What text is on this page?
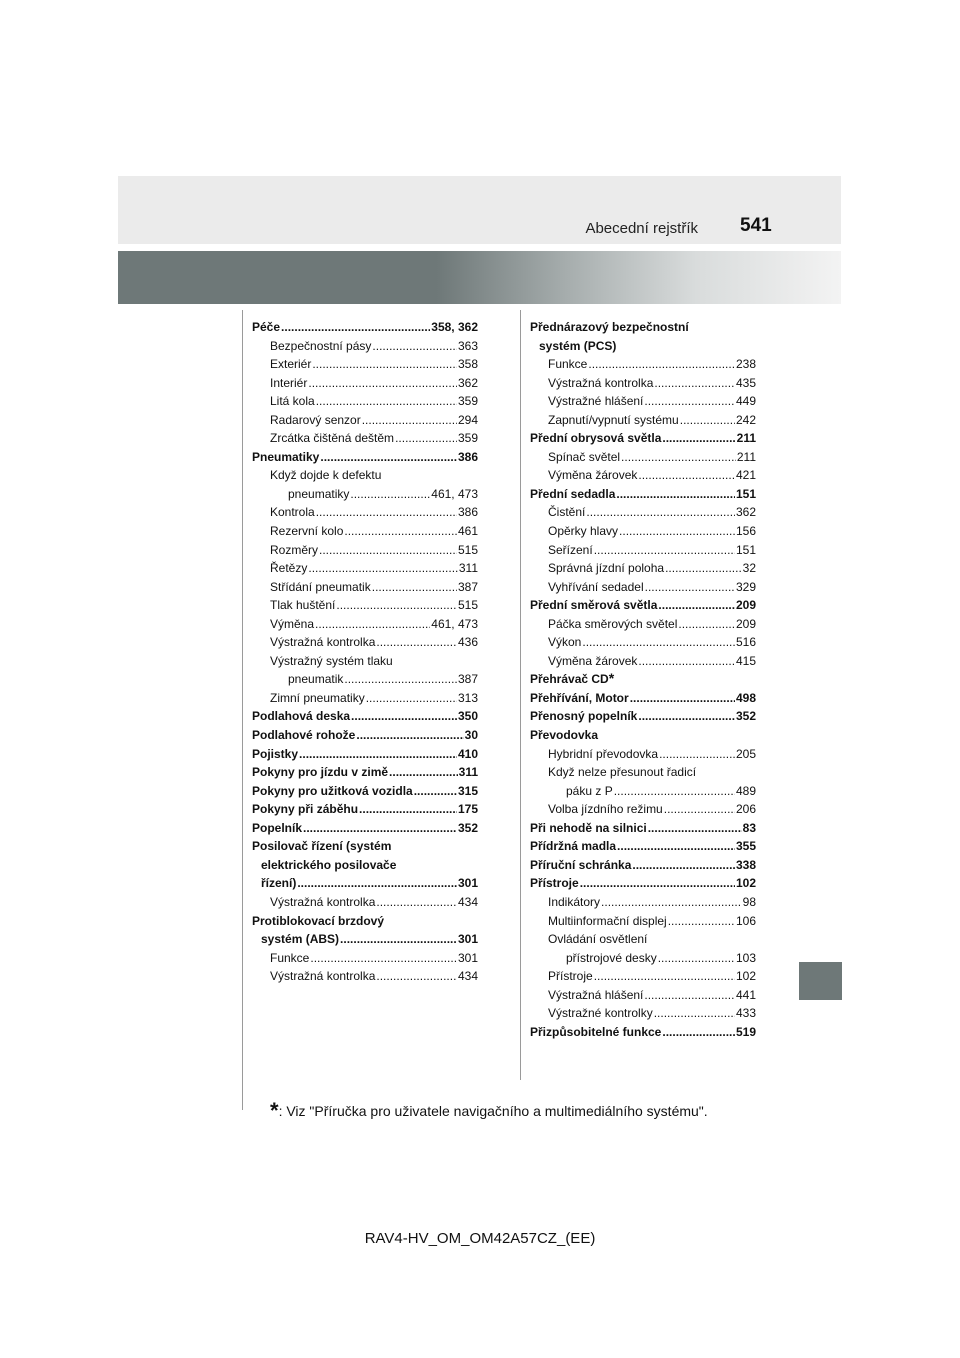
Abecední rejstřík 541
Péče .....	358, 362
Bezpečnostní pásy .....	363
Exteriér .....	358
Interiér .....	362
Litá kola .....	359
Radarový senzor .....	294
Zrcátka čištěná deštěm .....	359
Pneumatiky .....	386
Když dojde k defektu
pneumatiky .....	461, 473
Kontrola .....	386
Rezervní kolo .....	461
Rozměry .....	515
Řetězy .....	311
Střídání pneumatik .....	387
Tlak huštění .....	515
Výměna .....	461, 473
Výstražná kontrolka .....	436
Výstražný systém tlaku
pneumatik .....	387
Zimní pneumatiky .....	313
Podlahová deska .....	350
Podlahové rohože .....	30
Pojistky .....	410
Pokyny pro jízdu v zimě .....	311
Pokyny pro užitková vozidla .....	315
Pokyny při záběhu .....	175
Popelník .....	352
Posilovač řízení (systém
elektrického posilovače
řízení) .....	301
Výstražná kontrolka .....	434
Protiblokovací brzdový
systém (ABS) .....	301
Funkce .....	301
Výstražná kontrolka .....	434
Přednárazový bezpečnostní
systém (PCS)
Funkce .....	238
Výstražná kontrolka .....	435
Výstražné hlášení .....	449
Zapnutí/vypnutí systému .....	242
Přední obrysová světla .....	211
Spínač světel .....	211
Výměna žárovek .....	421
Přední sedadla .....	151
Čistění .....	362
Opěrky hlavy .....	156
Seřízení .....	151
Správná jízdní poloha .....	32
Vyhřívání sedadel .....	329
Přední směrová světla .....	209
Páčka směrových světel .....	209
Výkon .....	516
Výměna žárovek .....	415
Přehrávač CD *
Přehřívání, Motor .....	498
Přenosný popelník .....	352
Převodovka
Hybridní převodovka .....	205
Když nelze přesunout řadicí
páku z P .....	489
Volba jízdního režimu .....	206
Při nehodě na silnici .....	83
Přídržná madla .....	355
Příruční schránka .....	338
Přístroje .....	102
Indikátory .....	98
Multiinformační displej .....	106
Ovládání osvětlení
přístrojové desky .....	103
Přístroje .....	102
Výstražná hlášení .....	441
Výstražné kontrolky .....	433
Přizpůsobitelné funkce .....	519
*: Viz "Příručka pro uživatele navigačního a multimediálního systému".
RAV4-HV_OM_OM42A57CZ_(EE)
